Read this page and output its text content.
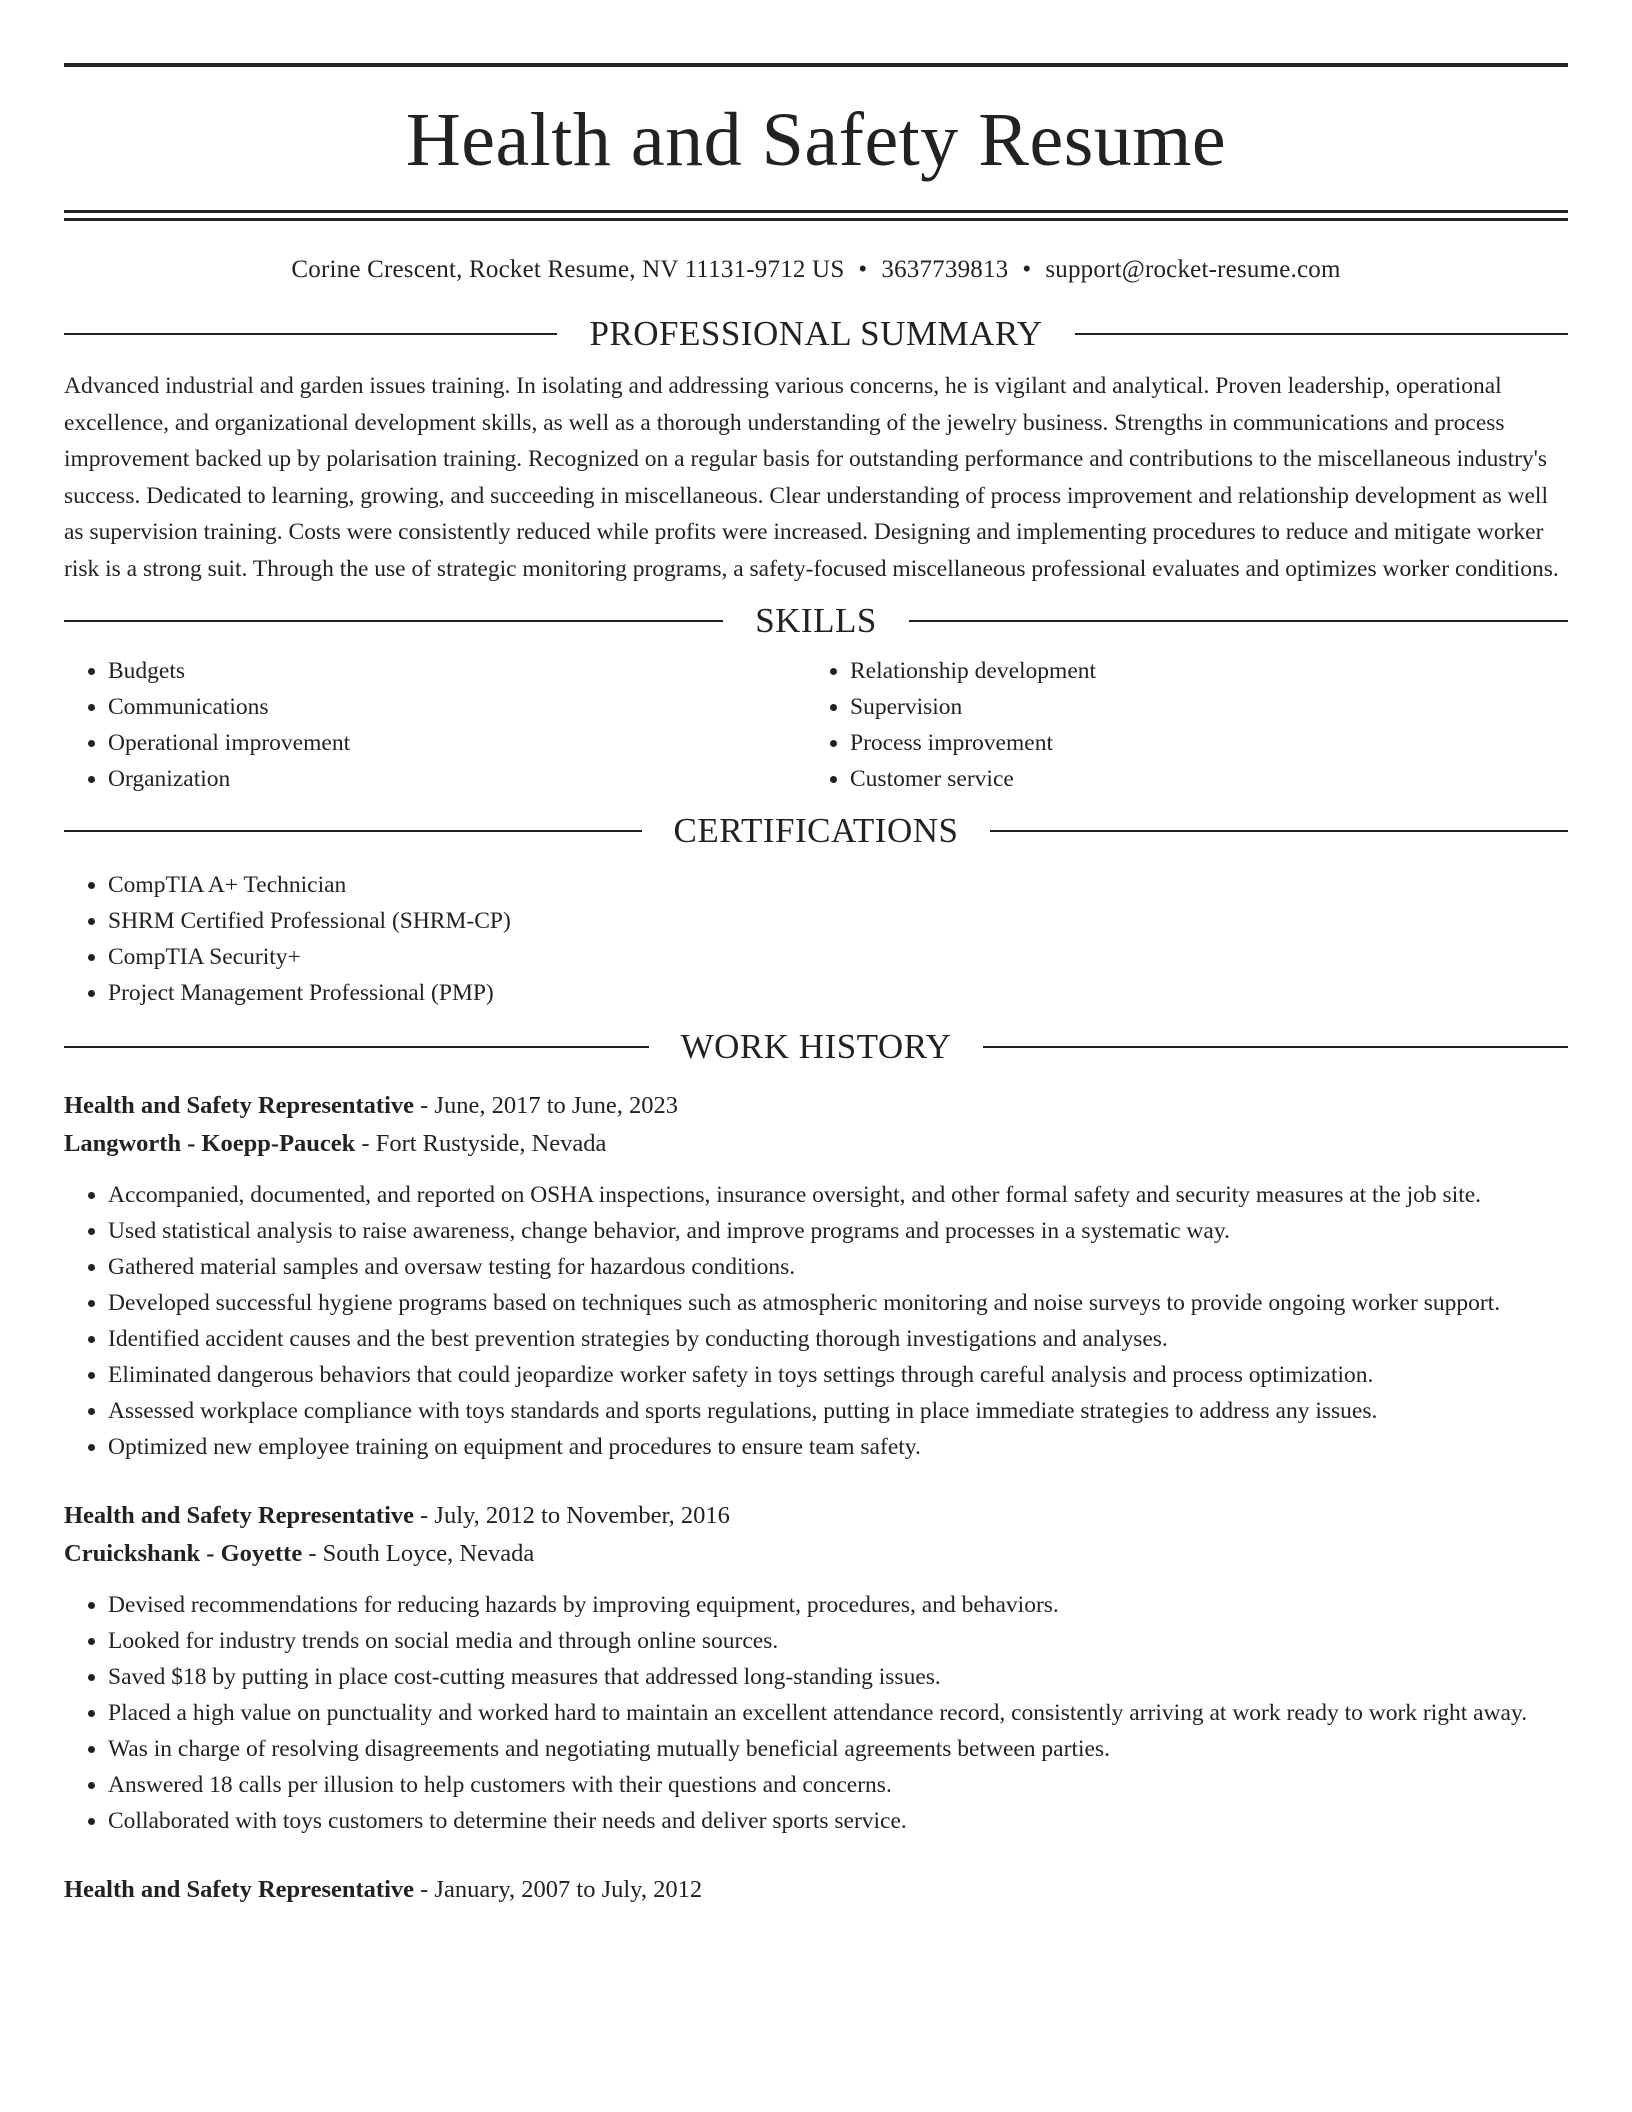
Health and Safety Resume
Corine Crescent, Rocket Resume, NV 11131-9712 US • 3637739813 • support@rocket-resume.com
PROFESSIONAL SUMMARY
Advanced industrial and garden issues training. In isolating and addressing various concerns, he is vigilant and analytical. Proven leadership, operational excellence, and organizational development skills, as well as a thorough understanding of the jewelry business. Strengths in communications and process improvement backed up by polarisation training. Recognized on a regular basis for outstanding performance and contributions to the miscellaneous industry's success. Dedicated to learning, growing, and succeeding in miscellaneous. Clear understanding of process improvement and relationship development as well as supervision training. Costs were consistently reduced while profits were increased. Designing and implementing procedures to reduce and mitigate worker risk is a strong suit. Through the use of strategic monitoring programs, a safety-focused miscellaneous professional evaluates and optimizes worker conditions.
SKILLS
• Budgets
• Communications
• Operational improvement
• Organization
• Relationship development
• Supervision
• Process improvement
• Customer service
CERTIFICATIONS
• CompTIA A+ Technician
• SHRM Certified Professional (SHRM-CP)
• CompTIA Security+
• Project Management Professional (PMP)
WORK HISTORY
Health and Safety Representative - June, 2017 to June, 2023
Langworth - Koepp-Paucek - Fort Rustyside, Nevada
• Accompanied, documented, and reported on OSHA inspections, insurance oversight, and other formal safety and security measures at the job site.
• Used statistical analysis to raise awareness, change behavior, and improve programs and processes in a systematic way.
• Gathered material samples and oversaw testing for hazardous conditions.
• Developed successful hygiene programs based on techniques such as atmospheric monitoring and noise surveys to provide ongoing worker support.
• Identified accident causes and the best prevention strategies by conducting thorough investigations and analyses.
• Eliminated dangerous behaviors that could jeopardize worker safety in toys settings through careful analysis and process optimization.
• Assessed workplace compliance with toys standards and sports regulations, putting in place immediate strategies to address any issues.
• Optimized new employee training on equipment and procedures to ensure team safety.
Health and Safety Representative - July, 2012 to November, 2016
Cruickshank - Goyette - South Loyce, Nevada
• Devised recommendations for reducing hazards by improving equipment, procedures, and behaviors.
• Looked for industry trends on social media and through online sources.
• Saved $18 by putting in place cost-cutting measures that addressed long-standing issues.
• Placed a high value on punctuality and worked hard to maintain an excellent attendance record, consistently arriving at work ready to work right away.
• Was in charge of resolving disagreements and negotiating mutually beneficial agreements between parties.
• Answered 18 calls per illusion to help customers with their questions and concerns.
• Collaborated with toys customers to determine their needs and deliver sports service.
Health and Safety Representative - January, 2007 to July, 2012
